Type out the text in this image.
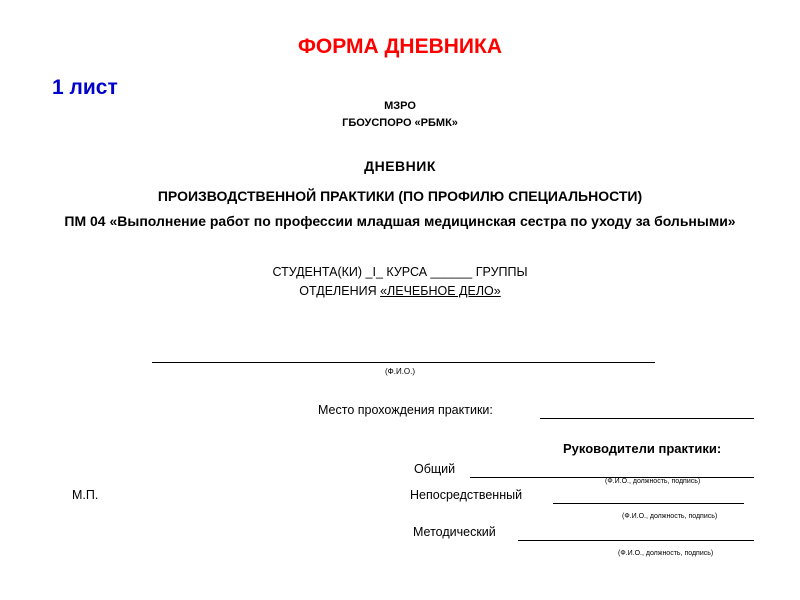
ФОРМА ДНЕВНИКА
1 лист
МЗРО
ГБОУСПОРО «РБМК»
ДНЕВНИК
ПРОИЗВОДСТВЕННОЙ ПРАКТИКИ (ПО ПРОФИЛЮ СПЕЦИАЛЬНОСТИ)
ПМ 04 «Выполнение работ по профессии младшая медицинская сестра по уходу за больными»
СТУДЕНТА(КИ) _I_ КУРСА ______ ГРУППЫ
ОТДЕЛЕНИЯ «ЛЕЧЕБНОЕ ДЕЛО»
(Ф.И.О.)
Место прохождения практики:
Руководители практики:
Общий
(Ф.И.О., должность, подпись)
М.П.	Непосредственный
(Ф.И.О., должность, подпись)
Методический
(Ф.И.О., должность, подпись)
